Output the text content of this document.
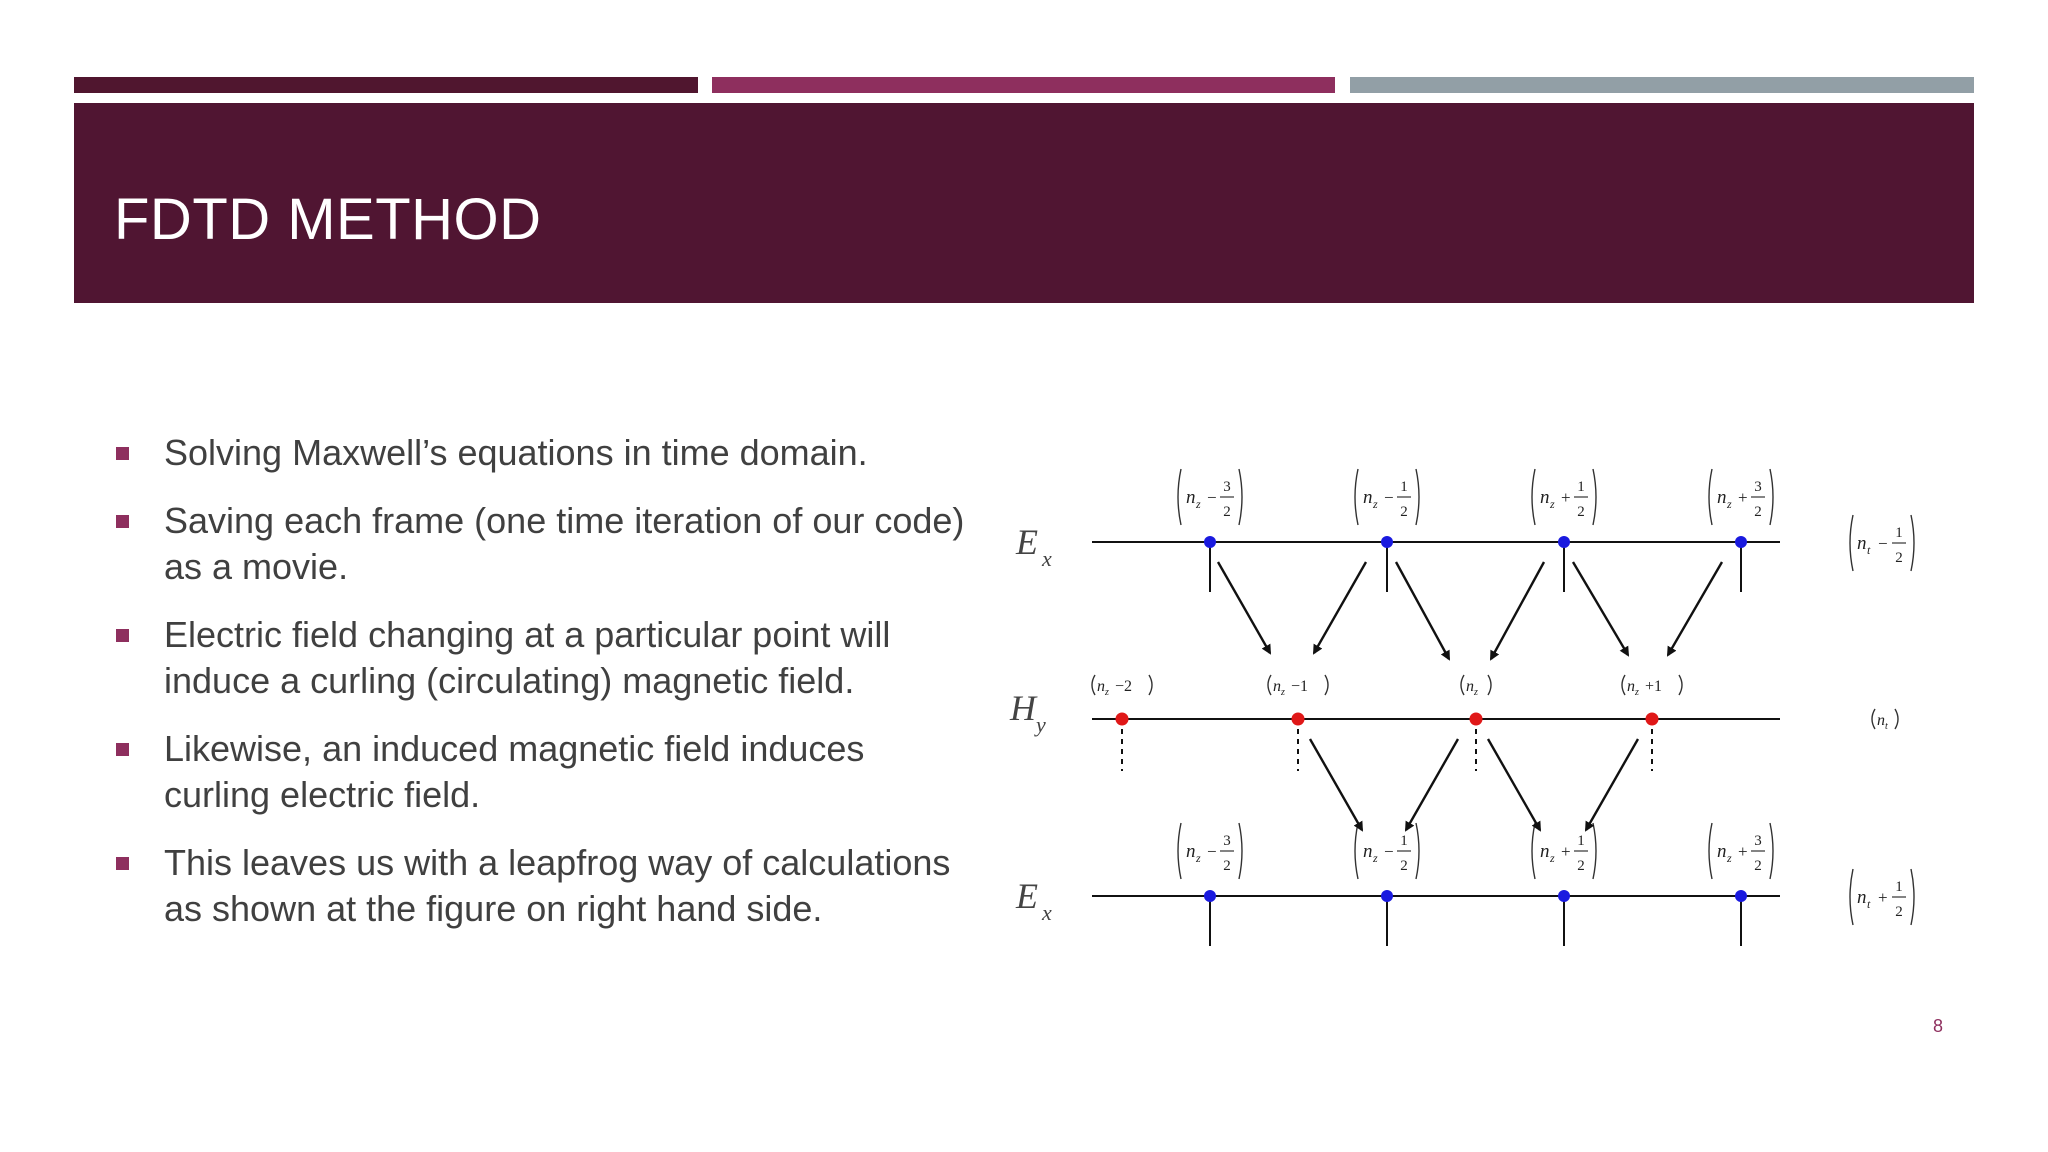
FDTD METHOD
Solving Maxwell’s equations in time domain.
Saving each frame (one time iteration of our code) as a movie.
Electric field changing at a particular point will induce a curling (circulating) magnetic field.
Likewise, an induced magnetic field induces curling electric field.
This leaves us with a leapfrog way of calculations as shown at the figure on right hand side.
E x
H y
E x
n t −
1
2
n t
n t +
1
2
n z −
3
2
n z −
1
2
n z +
1
2
n z +
3
2
n z −2	n z −1	n z	n z +1
n z −
3
2
n z −
1
2
n z +
1
2
n z +
3
2
8
